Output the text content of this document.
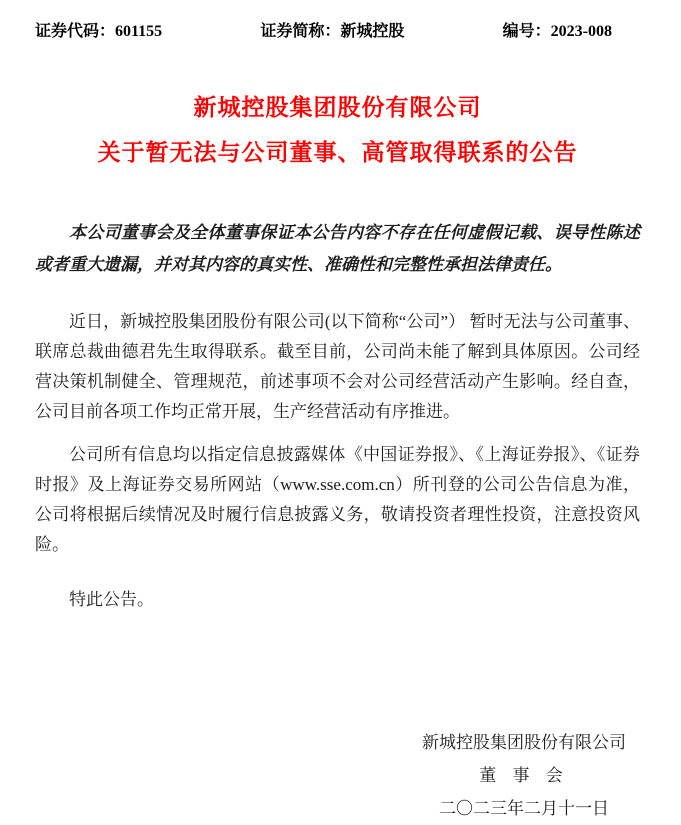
证券代码：601155	证券简称：新城控股	编号：2023-008
新城控股集团股份有限公司
关于暂无法与公司董事、高管取得联系的公告

本公司董事会及全体董事保证本公告内容不存在任何虚假记载、误导性陈述或者重大遗漏，并对其内容的真实性、准确性和完整性承担法律责任。

近日，新城控股集团股份有限公司(以下简称“公司”） 暂时无法与公司董事、联席总裁曲德君先生取得联系。截至目前，公司尚未能了解到具体原因。公司经营决策机制健全、管理规范，前述事项不会对公司经营活动产生影响。经自查，公司目前各项工作均正常开展，生产经营活动有序推进。

公司所有信息均以指定信息披露媒体《中国证券报》、《上海证券报》、《证券时报》及上海证券交易所网站（www.sse.com.cn）所刊登的公司公告信息为准，公司将根据后续情况及时履行信息披露义务，敬请投资者理性投资，注意投资风险。

特此公告。

新城控股集团股份有限公司
董 事 会
二〇二三年二月十一日
